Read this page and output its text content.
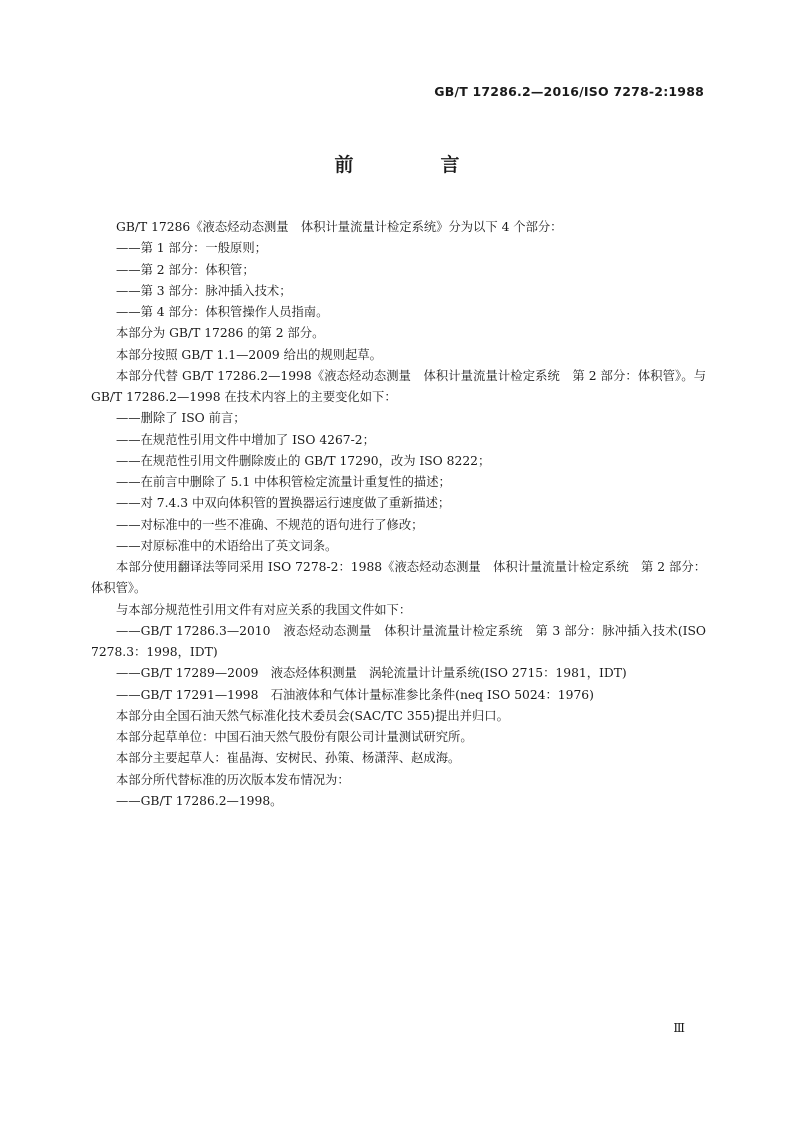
GB/T 17286.2—2016/ISO 7278-2:1988
前　言

GB/T 17286《液态烃动态测量　体积计量流量计检定系统》分为以下 4 个部分：

——第 1 部分：一般原则；

——第 2 部分：体积管；

——第 3 部分：脉冲插入技术；

——第 4 部分：体积管操作人员指南。

本部分为 GB/T 17286 的第 2 部分。

本部分按照 GB/T 1.1—2009 给出的规则起草。

本部分代替 GB/T 17286.2—1998《液态烃动态测量　体积计量流量计检定系统　第 2 部分：体积管》。与 GB/T 17286.2—1998 在技术内容上的主要变化如下：

——删除了 ISO 前言；

——在规范性引用文件中增加了 ISO 4267-2；

——在规范性引用文件删除废止的 GB/T 17290，改为 ISO 8222；

——在前言中删除了 5.1 中体积管检定流量计重复性的描述；

——对 7.4.3 中双向体积管的置换器运行速度做了重新描述；

——对标准中的一些不准确、不规范的语句进行了修改；

——对原标准中的术语给出了英文词条。

本部分使用翻译法等同采用 ISO 7278-2：1988《液态烃动态测量　体积计量流量计检定系统　第 2 部分：体积管》。

与本部分规范性引用文件有对应关系的我国文件如下：

——GB/T 17286.3—2010　液态烃动态测量　体积计量流量计检定系统　第 3 部分：脉冲插入技术(ISO 7278.3：1998，IDT)

——GB/T 17289—2009　液态烃体积测量　涡轮流量计计量系统(ISO 2715：1981，IDT)

——GB/T 17291—1998　石油液体和气体计量标准参比条件(neq ISO 5024：1976)

本部分由全国石油天然气标准化技术委员会(SAC/TC 355)提出并归口。

本部分起草单位：中国石油天然气股份有限公司计量测试研究所。

本部分主要起草人：崔晶海、安树民、孙策、杨潇萍、赵成海。

本部分所代替标准的历次版本发布情况为：

——GB/T 17286.2—1998。

Ⅲ
